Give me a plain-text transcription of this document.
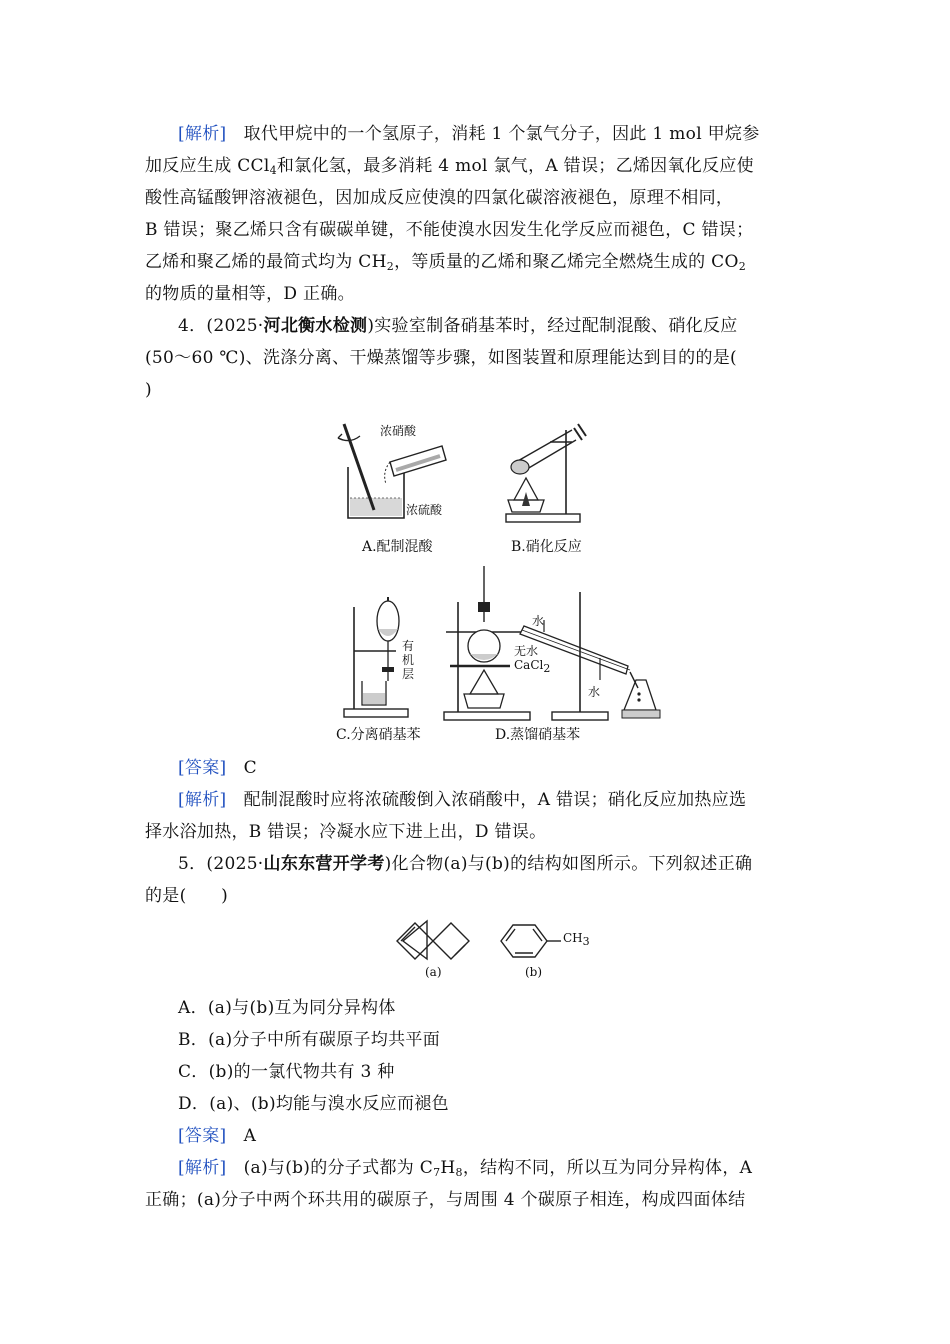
[解析] 取代甲烷中的一个氢原子，消耗 1 个氯气分子，因此 1 mol 甲烷参
加反应生成 CCl$_4$和氯化氢，最多消耗 4 mol 氯气，A 错误；乙烯因氧化反应使
酸性高锰酸钾溶液褪色，因加成反应使溴的四氯化碳溶液褪色，原理不相同，
B 错误；聚乙烯只含有碳碳单键，不能使溴水因发生化学反应而褪色，C 错误；
乙烯和聚乙烯的最简式均为 $CH_2$，等质量的乙烯和聚乙烯完全燃烧生成的 $CO_2$
的物质的量相等，D 正确。
4．(2025·河北衡水检测)实验室制备硝基苯时，经过配制混酸、硝化反应
(50～60 ℃)、洗涤分离、干燥蒸馏等步骤，如图装置和原理能达到目的的是(
)
浓硝酸
浓硫酸
A.配制混酸	B.硝化反应
有
机
层
C.分离硝基苯
水
水
无水
CaCl$_2$
D.蒸馏硝基苯
[答案] C
[解析] 配制混酸时应将浓硫酸倒入浓硝酸中，A 错误；硝化反应加热应选
择水浴加热，B 错误；冷凝水应下进上出，D 错误。
5．(2025·山东东营开学考)化合物(a)与(b)的结构如图所示。下列叙述正确
的是(　　)
$CH_3$
(a)	(b)
A．(a)与(b)互为同分异构体
B．(a)分子中所有碳原子均共平面
C．(b)的一氯代物共有 3 种
D．(a)、(b)均能与溴水反应而褪色
[答案] A
[解析] (a)与(b)的分子式都为 $C_7H_8$，结构不同，所以互为同分异构体，A
正确；(a)分子中两个环共用的碳原子，与周围 4 个碳原子相连，构成四面体结
